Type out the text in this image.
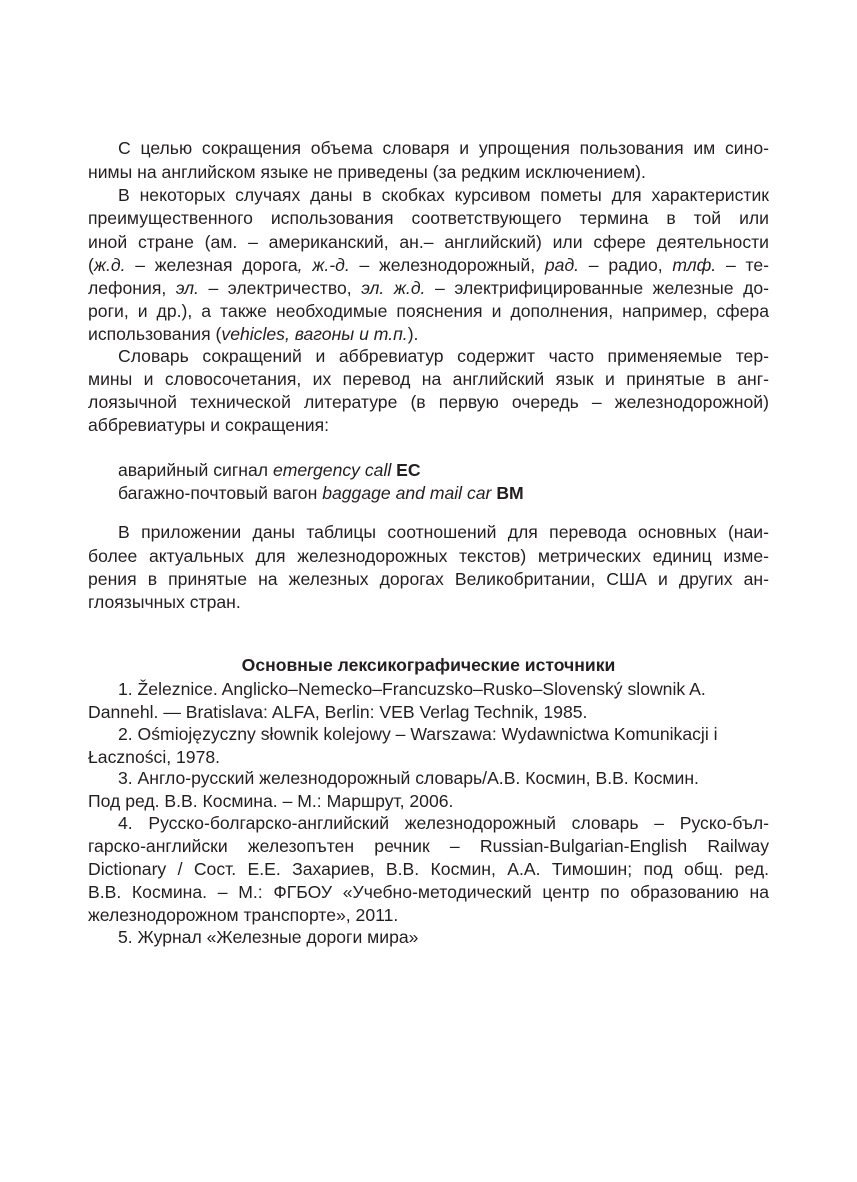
С целью сокращения объема словаря и упрощения пользования им сино-
нимы на английском языке не приведены (за редким исключением).
В некоторых случаях даны в скобках курсивом пометы для характеристик
преимущественного использования соответствующего термина в той или
иной стране (ам. – американский, ан.– английский) или сфере деятельности
(ж.д. – железная дорога, ж.-д. – железнодорожный, рад. – радио, тлф. – те-
лефония, эл. – электричество, эл. ж.д. – электрифицированные железные до-
роги, и др.), а также необходимые пояснения и дополнения, например, сфера
использования (vehicles, вагоны и т.п.).
Словарь сокращений и аббревиатур содержит часто применяемые тер-
мины и словосочетания, их перевод на английский язык и принятые в анг-
лоязычной технической литературе (в первую очередь – железнодорожной)
аббревиатуры и сокращения:
аварийный сигнал emergency call EC
багажно-почтовый вагон baggage and mail car BM
В приложении даны таблицы соотношений для перевода основных (наи-
более актуальных для железнодорожных текстов) метрических единиц изме-
рения в принятые на железных дорогах Великобритании, США и других ан-
глоязычных стран.
Основные лексикографические источники
1. Železnice. Anglicko–Nemecko–Francuzsko–Rusko–Slovenský slownik A.
Dannehl. — Bratislava: ALFA, Berlin: VEB Verlag Technik, 1985.
2. Ośmiojęzyczny słownik kolejowy – Warszawa: Wydawnictwa Komunikacji i
Łaczności, 1978.
3. Англо-русский железнодорожный словарь/А.В. Космин, В.В. Космин.
Под ред. В.В. Космина. – М.: Маршрут, 2006.
4. Русско-болгарско-английский железнодорожный словарь – Руско-бъл-
гарско-английски железопътен речник – Russian-Bulgarian-English Railway
Dictionary / Сост. Е.Е. Захариев, В.В. Космин, А.А. Тимошин; под общ. ред.
В.В. Космина. – М.: ФГБОУ «Учебно-методический центр по образованию на
железнодорожном транспорте», 2011.
5. Журнал «Железные дороги мира»
